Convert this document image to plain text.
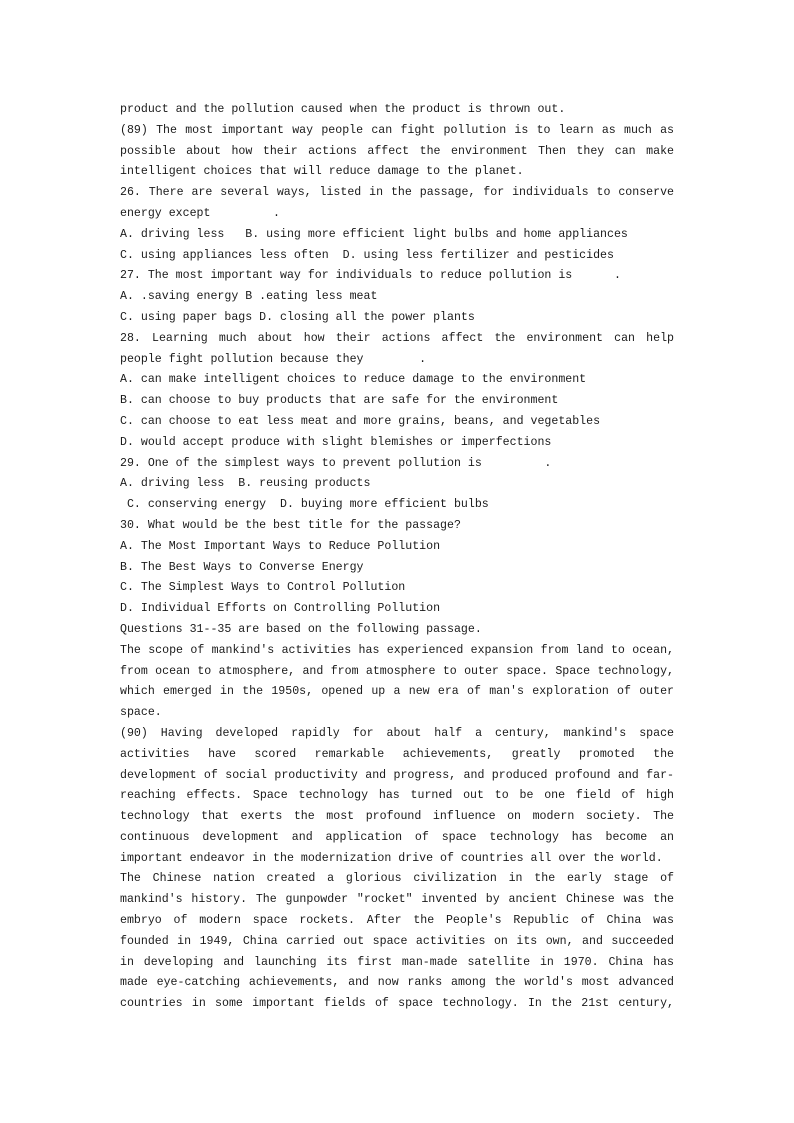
product and the pollution caused when the product is thrown out.
(89) The most important way people can fight pollution is to learn as much as
possible about how their actions affect the environment Then they can make
intelligent choices that will reduce damage to the planet.
26. There are several ways, listed in the passage, for individuals to conserve
energy except         .
A. driving less   B. using more efficient light bulbs and home appliances
C. using appliances less often  D. using less fertilizer and pesticides
27. The most important way for individuals to reduce pollution is      .
A. .saving energy B .eating less meat
C. using paper bags D. closing all the power plants
28. Learning much about how their actions affect the environment can help
people fight pollution because they        .
A. can make intelligent choices to reduce damage to the environment
B. can choose to buy products that are safe for the environment
C. can choose to eat less meat and more grains, beans, and vegetables
D. would accept produce with slight blemishes or imperfections
29. One of the simplest ways to prevent pollution is         .
A. driving less  B. reusing products
C. conserving energy  D. buying more efficient bulbs
30. What would be the best title for the passage?
A. The Most Important Ways to Reduce Pollution
B. The Best Ways to Converse Energy
C. The Simplest Ways to Control Pollution
D. Individual Efforts on Controlling Pollution
Questions 31--35 are based on the following passage.
The scope of mankind's activities has experienced expansion from land to ocean,
from ocean to atmosphere, and from atmosphere to outer space. Space technology,
which emerged in the 1950s, opened up a new era of man's exploration of outer
space.
(90) Having developed rapidly for about half a century, mankind's space
activities have scored remarkable achievements, greatly promoted the
development of social productivity and progress, and produced profound and far-
reaching effects. Space technology has turned out to be one field of high
technology that exerts the most profound influence on modern society. The
continuous development and application of space technology has become an
important endeavor in the modernization drive of countries all over the world.
The Chinese nation created a glorious civilization in the early stage of
mankind's history. The gunpowder "rocket" invented by ancient Chinese was the
embryo of modern space rockets. After the People's Republic of China was
founded in 1949, China carried out space activities on its own, and succeeded
in developing and launching its first man-made satellite in 1970. China has
made eye-catching achievements, and now ranks among the world's most advanced
countries in some important fields of space technology. In the 21st century,
